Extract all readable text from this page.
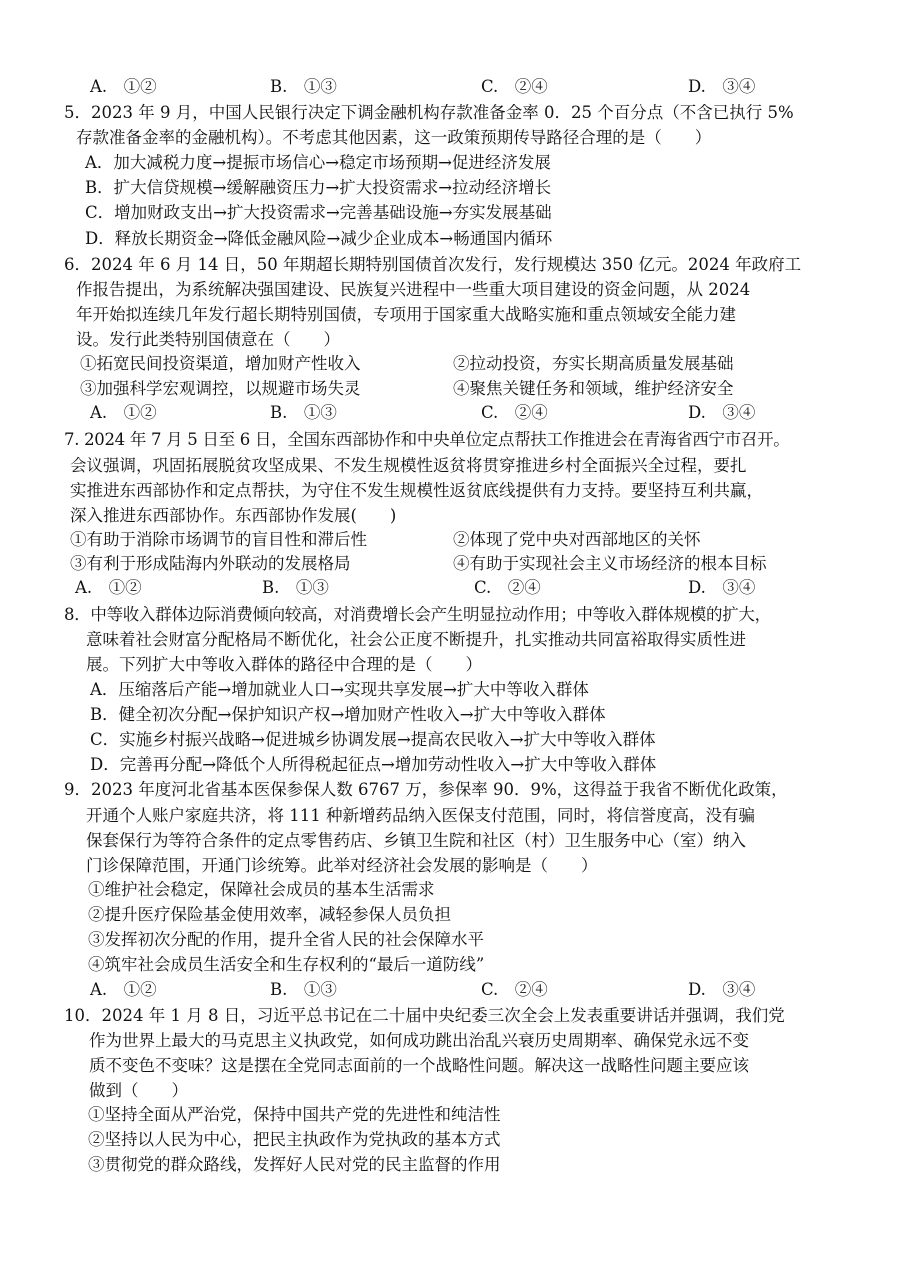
A.　 ①②	B.　 ①③	C.　 ②④	D.　 ③④
5．2023 年 9 月，中国人民银行决定下调金融机构存款准备金率 0．25 个百分点（不含已执行 5%
存款准备金率的金融机构）。不考虑其他因素，这一政策预期传导路径合理的是（　　）
A．加大减税力度→提振市场信心→稳定市场预期→促进经济发展
B．扩大信贷规模→缓解融资压力→扩大投资需求→拉动经济增长
C．增加财政支出→扩大投资需求→完善基础设施→夯实发展基础
D．释放长期资金→降低金融风险→减少企业成本→畅通国内循环
6．2024 年 6 月 14 日，50 年期超长期特别国债首次发行，发行规模达 350 亿元。2024 年政府工
作报告提出，为系统解决强国建设、民族复兴进程中一些重大项目建设的资金问题，从 2024
年开始拟连续几年发行超长期特别国债，专项用于国家重大战略实施和重点领域安全能力建
设。发行此类特别国债意在（　　）
①拓宽民间投资渠道，增加财产性收入	②拉动投资，夯实长期高质量发展基础
③加强科学宏观调控，以规避市场失灵	④聚焦关键任务和领域，维护经济安全
A.　 ①②	B.　 ①③	C.　 ②④	D.　 ③④
7. 2024 年 7 月 5 日至 6 日，全国东西部协作和中央单位定点帮扶工作推进会在青海省西宁市召开。
会议强调，巩固拓展脱贫攻坚成果、不发生规模性返贫将贯穿推进乡村全面振兴全过程，要扎
实推进东西部协作和定点帮扶，为守住不发生规模性返贫底线提供有力支持。要坚持互利共赢，
深入推进东西部协作。东西部协作发展(　　)
①有助于消除市场调节的盲目性和滞后性	②体现了党中央对西部地区的关怀
③有利于形成陆海内外联动的发展格局	④有助于实现社会主义市场经济的根本目标
A.　 ①②	B.　 ①③	C.　 ②④	D.　 ③④
8．中等收入群体边际消费倾向较高，对消费增长会产生明显拉动作用；中等收入群体规模的扩大，
意味着社会财富分配格局不断优化，社会公正度不断提升，扎实推动共同富裕取得实质性进
展。下列扩大中等收入群体的路径中合理的是（　　）
A．压缩落后产能→增加就业人口→实现共享发展→扩大中等收入群体
B．健全初次分配→保护知识产权→增加财产性收入→扩大中等收入群体
C．实施乡村振兴战略→促进城乡协调发展→提高农民收入→扩大中等收入群体
D．完善再分配→降低个人所得税起征点→增加劳动性收入→扩大中等收入群体
9．2023 年度河北省基本医保参保人数 6767 万，参保率 90．9%，这得益于我省不断优化政策，
开通个人账户家庭共济，将 111 种新增药品纳入医保支付范围，同时，将信誉度高，没有骗
保套保行为等符合条件的定点零售药店、乡镇卫生院和社区（村）卫生服务中心（室）纳入
门诊保障范围，开通门诊统筹。此举对经济社会发展的影响是（　　）
①维护社会稳定，保障社会成员的基本生活需求
②提升医疗保险基金使用效率，减轻参保人员负担
③发挥初次分配的作用，提升全省人民的社会保障水平
④筑牢社会成员生活安全和生存权利的“最后一道防线”
A.　 ①②	B.　 ①③	C.　 ②④	D.　 ③④
10．2024 年 1 月 8 日，习近平总书记在二十届中央纪委三次全会上发表重要讲话并强调，我们党
作为世界上最大的马克思主义执政党，如何成功跳出治乱兴衰历史周期率、确保党永远不变
质不变色不变味？这是摆在全党同志面前的一个战略性问题。解决这一战略性问题主要应该
做到（　　）
①坚持全面从严治党，保持中国共产党的先进性和纯洁性
②坚持以人民为中心，把民主执政作为党执政的基本方式
③贯彻党的群众路线，发挥好人民对党的民主监督的作用
